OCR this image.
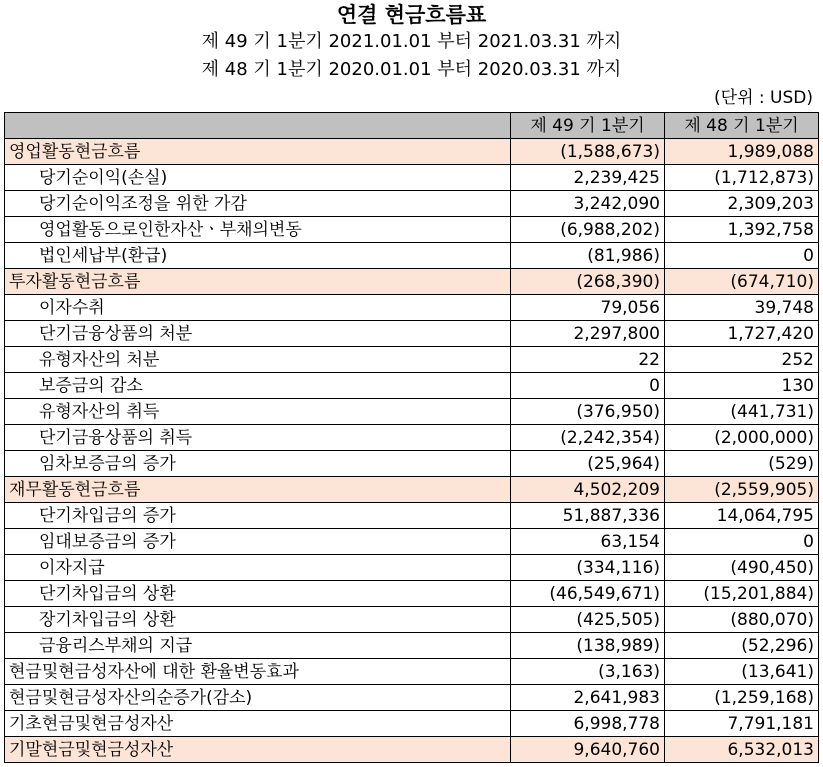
연결 현금흐름표
제 49 기 1분기 2021.01.01 부터 2021.03.31 까지
제 48 기 1분기 2020.01.01 부터 2020.03.31 까지
(단위 : USD)
	제 49 기 1분기	제 48 기 1분기
영업활동현금흐름	(1,588,673)	1,989,088
당기순이익(손실)	2,239,425	(1,712,873)
당기순이익조정을 위한 가감	3,242,090	2,309,203
영업활동으로인한자산ㆍ부채의변동	(6,988,202)	1,392,758
법인세납부(환급)	(81,986)	0
투자활동현금흐름	(268,390)	(674,710)
이자수취	79,056	39,748
단기금융상품의 처분	2,297,800	1,727,420
유형자산의 처분	22	252
보증금의 감소	0	130
유형자산의 취득	(376,950)	(441,731)
단기금융상품의 취득	(2,242,354)	(2,000,000)
임차보증금의 증가	(25,964)	(529)
재무활동현금흐름	4,502,209	(2,559,905)
단기차입금의 증가	51,887,336	14,064,795
임대보증금의 증가	63,154	0
이자지급	(334,116)	(490,450)
단기차입금의 상환	(46,549,671)	(15,201,884)
장기차입금의 상환	(425,505)	(880,070)
금융리스부채의 지급	(138,989)	(52,296)
현금및현금성자산에 대한 환율변동효과	(3,163)	(13,641)
현금및현금성자산의순증가(감소)	2,641,983	(1,259,168)
기초현금및현금성자산	6,998,778	7,791,181
기말현금및현금성자산	9,640,760	6,532,013
